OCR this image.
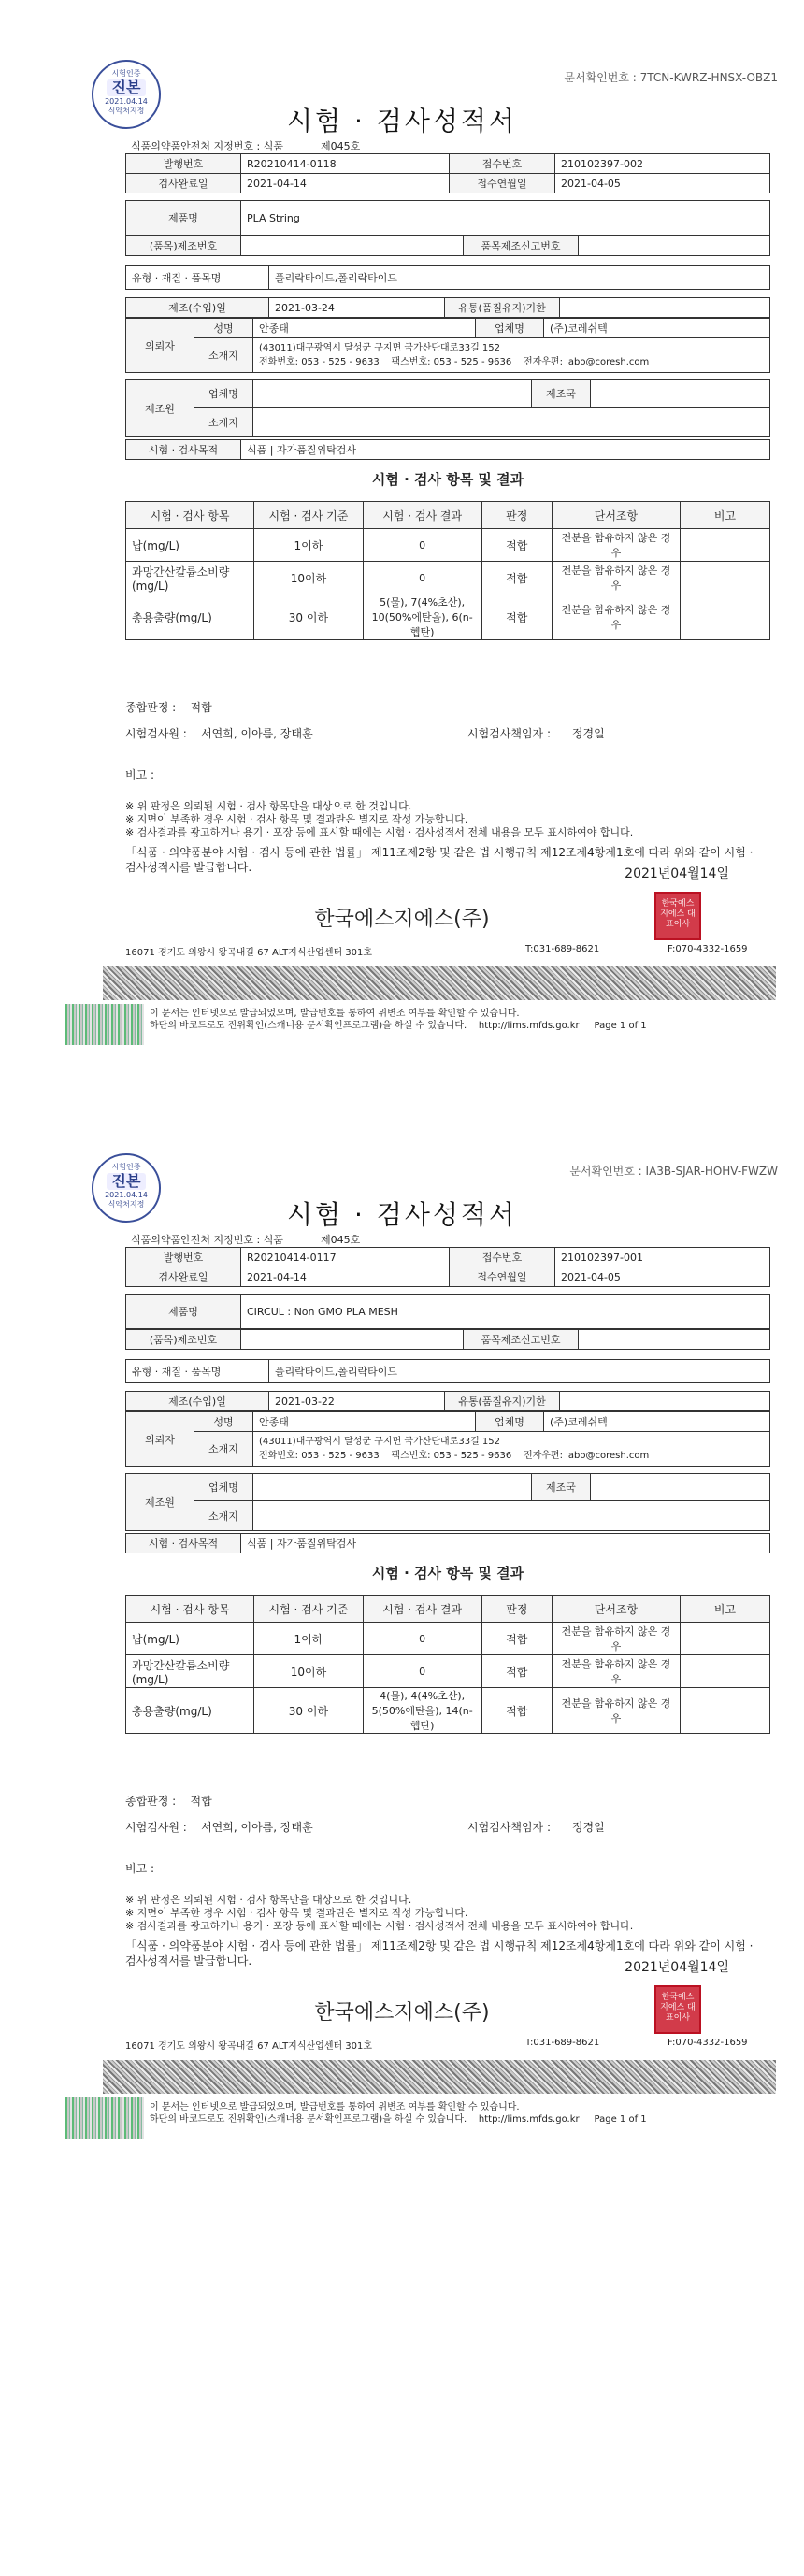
문서확인번호 : 7TCN-KWRZ-HNSX-OBZ1
시험인증
진본
2021.04.14
식약처지정	시험 · 검사성적서
식품의약품안전처 지정번호 : 식품	제045호
발행번호	R20210414-0118	접수번호	210102397-002
검사완료일	2021-04-14	접수연월일	2021-04-05
제품명	PLA String
(품목)제조번호		품목제조신고번호	
유형 · 재질 · 품목명	폴리락타이드,폴리락타이드
제조(수입)일	2021-03-24	유통(품질유지)기한	
의뢰자	성명	안종태	업체명	(주)코레쉬텍
	소재지	(43011)대구광역시 달성군 구지면 국가산단대로33길 152
전화번호: 053 - 525 - 9633 팩스번호: 053 - 525 - 9636 전자우편: labo@coresh.com		
제조원	업체명		제조국	
	소재지			
시험 · 검사목적	식품 | 자가품질위탁검사
시험 · 검사 항목 및 결과
시험 · 검사 항목	시험 · 검사 기준	시험 · 검사 결과	판정	단서조항	비고
납(mg/L)	1이하	0	적합	전분을 함유하지 않은 경우	
과망간산칼륨소비량(mg/L)	10이하	0	적합	전분을 함유하지 않은 경우	
총용출량(mg/L)	30 이하	5(물), 7(4%초산), 10(50%에탄올), 6(n-헵탄)	적합	전분을 함유하지 않은 경우	
종합판정 : 적합
시험검사원 : 서연희, 이아름, 장태훈	시험검사책임자 : 정경일
비고 :
※ 위 판정은 의뢰된 시험 · 검사 항목만을 대상으로 한 것입니다.
※ 지면이 부족한 경우 시험 · 검사 항목 및 결과란은 별지로 작성 가능합니다.
※ 검사결과를 광고하거나 용기 · 포장 등에 표시할 때에는 시험 · 검사성적서 전체 내용을 모두 표시하여야 합니다.
「식품 · 의약품분야 시험 · 검사 등에 관한 법률」 제11조제2항 및 같은 법 시행규칙 제12조제4항제1호에 따라 위와 같이 시험 · 검사성적서를 발급합니다.	2021년04월14일
한국에스지에스(주)
한국에스지에스 대표이사
16071 경기도 의왕시 왕곡내길 67 ALT지식산업센터 301호	T:031-689-8621	F:070-4332-1659
이 문서는 인터넷으로 발급되었으며, 발급번호를 통하여 위변조 여부를 확인할 수 있습니다.
하단의 바코드로도 진위확인(스캐너용 문서확인프로그램)을 하실 수 있습니다. http://lims.mfds.go.kr Page 1 of 1
문서확인번호 : IA3B-SJAR-HOHV-FWZW
시험인증
진본
2021.04.14
식약처지정	시험 · 검사성적서
식품의약품안전처 지정번호 : 식품	제045호
발행번호	R20210414-0117	접수번호	210102397-001
검사완료일	2021-04-14	접수연월일	2021-04-05
제품명	CIRCUL : Non GMO PLA MESH
(품목)제조번호		품목제조신고번호	
유형 · 재질 · 품목명	폴리락타이드,폴리락타이드
제조(수입)일	2021-03-22	유통(품질유지)기한	
의뢰자	성명	안종태	업체명	(주)코레쉬텍
	소재지	(43011)대구광역시 달성군 구지면 국가산단대로33길 152
전화번호: 053 - 525 - 9633 팩스번호: 053 - 525 - 9636 전자우편: labo@coresh.com		
제조원	업체명		제조국	
	소재지			
시험 · 검사목적	식품 | 자가품질위탁검사
시험 · 검사 항목 및 결과
시험 · 검사 항목	시험 · 검사 기준	시험 · 검사 결과	판정	단서조항	비고
납(mg/L)	1이하	0	적합	전분을 함유하지 않은 경우	
과망간산칼륨소비량(mg/L)	10이하	0	적합	전분을 함유하지 않은 경우	
총용출량(mg/L)	30 이하	4(물), 4(4%초산), 5(50%에탄올), 14(n-헵탄)	적합	전분을 함유하지 않은 경우	
종합판정 : 적합
시험검사원 : 서연희, 이아름, 장태훈	시험검사책임자 : 정경일
비고 :
※ 위 판정은 의뢰된 시험 · 검사 항목만을 대상으로 한 것입니다.
※ 지면이 부족한 경우 시험 · 검사 항목 및 결과란은 별지로 작성 가능합니다.
※ 검사결과를 광고하거나 용기 · 포장 등에 표시할 때에는 시험 · 검사성적서 전체 내용을 모두 표시하여야 합니다.
「식품 · 의약품분야 시험 · 검사 등에 관한 법률」 제11조제2항 및 같은 법 시행규칙 제12조제4항제1호에 따라 위와 같이 시험 · 검사성적서를 발급합니다.	2021년04월14일
한국에스지에스(주)
한국에스지에스 대표이사
16071 경기도 의왕시 왕곡내길 67 ALT지식산업센터 301호	T:031-689-8621	F:070-4332-1659
이 문서는 인터넷으로 발급되었으며, 발급번호를 통하여 위변조 여부를 확인할 수 있습니다.
하단의 바코드로도 진위확인(스캐너용 문서확인프로그램)을 하실 수 있습니다. http://lims.mfds.go.kr Page 1 of 1
